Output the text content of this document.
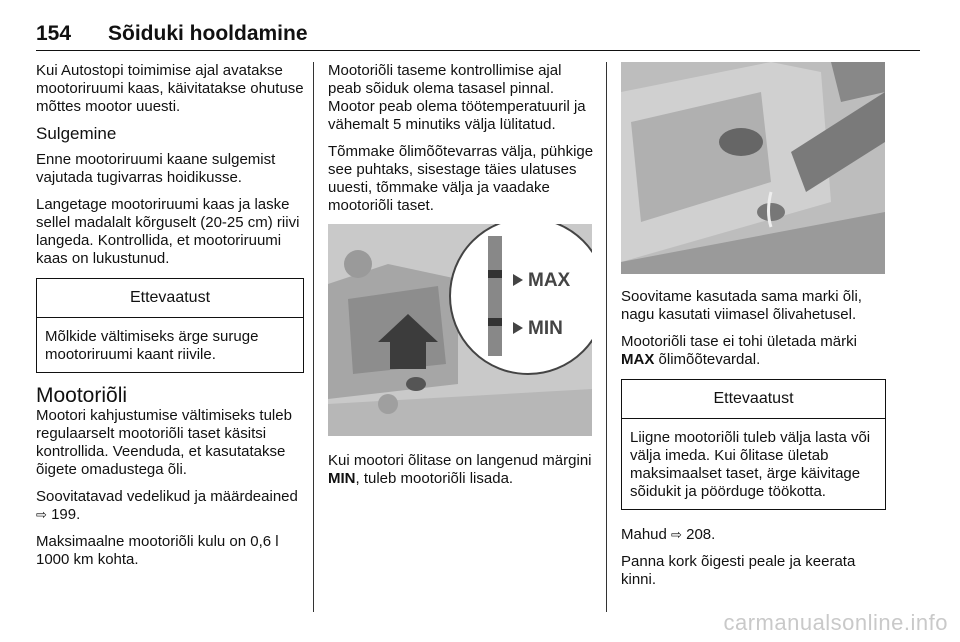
154 Sõiduki hooldamine

Kui Autostopi toimimise ajal avatakse mootoriruumi kaas, käivitatakse ohutuse mõttes mootor uuesti.

Sulgemine

Enne mootoriruumi kaane sulgemist vajutada tugivarras hoidikusse.

Langetage mootoriruumi kaas ja laske sellel madalalt kõrguselt (20-25 cm) riivi langeda. Kontrollida, et mootoriruumi kaas on lukustunud.

Ettevaatust
Mõlkide vältimiseks ärge suruge mootoriruumi kaant riivile.
Mootoriõli

Mootori kahjustumise vältimiseks tuleb regulaarselt mootoriõli taset käsitsi kontrollida. Veenduda, et kasutatakse õigete omadustega õli.

Soovitatavad vedelikud ja määrdeained ⇨ 199.

Maksimaalne mootoriõli kulu on 0,6 l 1000 km kohta.

Mootoriõli taseme kontrollimise ajal peab sõiduk olema tasasel pinnal. Mootor peab olema töötemperatuuril ja vähemalt 5 minutiks välja lülitatud.

Tõmmake õlimõõtevarras välja, pühkige see puhtaks, sisestage täies ulatuses uuesti, tõmmake välja ja vaadake mootoriõli taset.

MAX
MIN

Kui mootori õlitase on langenud märgini MIN, tuleb mootoriõli lisada.

Soovitame kasutada sama marki õli, nagu kasutati viimasel õlivahetusel.

Mootoriõli tase ei tohi ületada märki MAX õlimõõtevardal.

Ettevaatust
Liigne mootoriõli tuleb välja lasta või välja imeda. Kui õlitase ületab maksimaalset taset, ärge käivitage sõidukit ja pöörduge töökotta.

Mahud ⇨ 208.

Panna kork õigesti peale ja keerata kinni.

carmanualsonline.info
